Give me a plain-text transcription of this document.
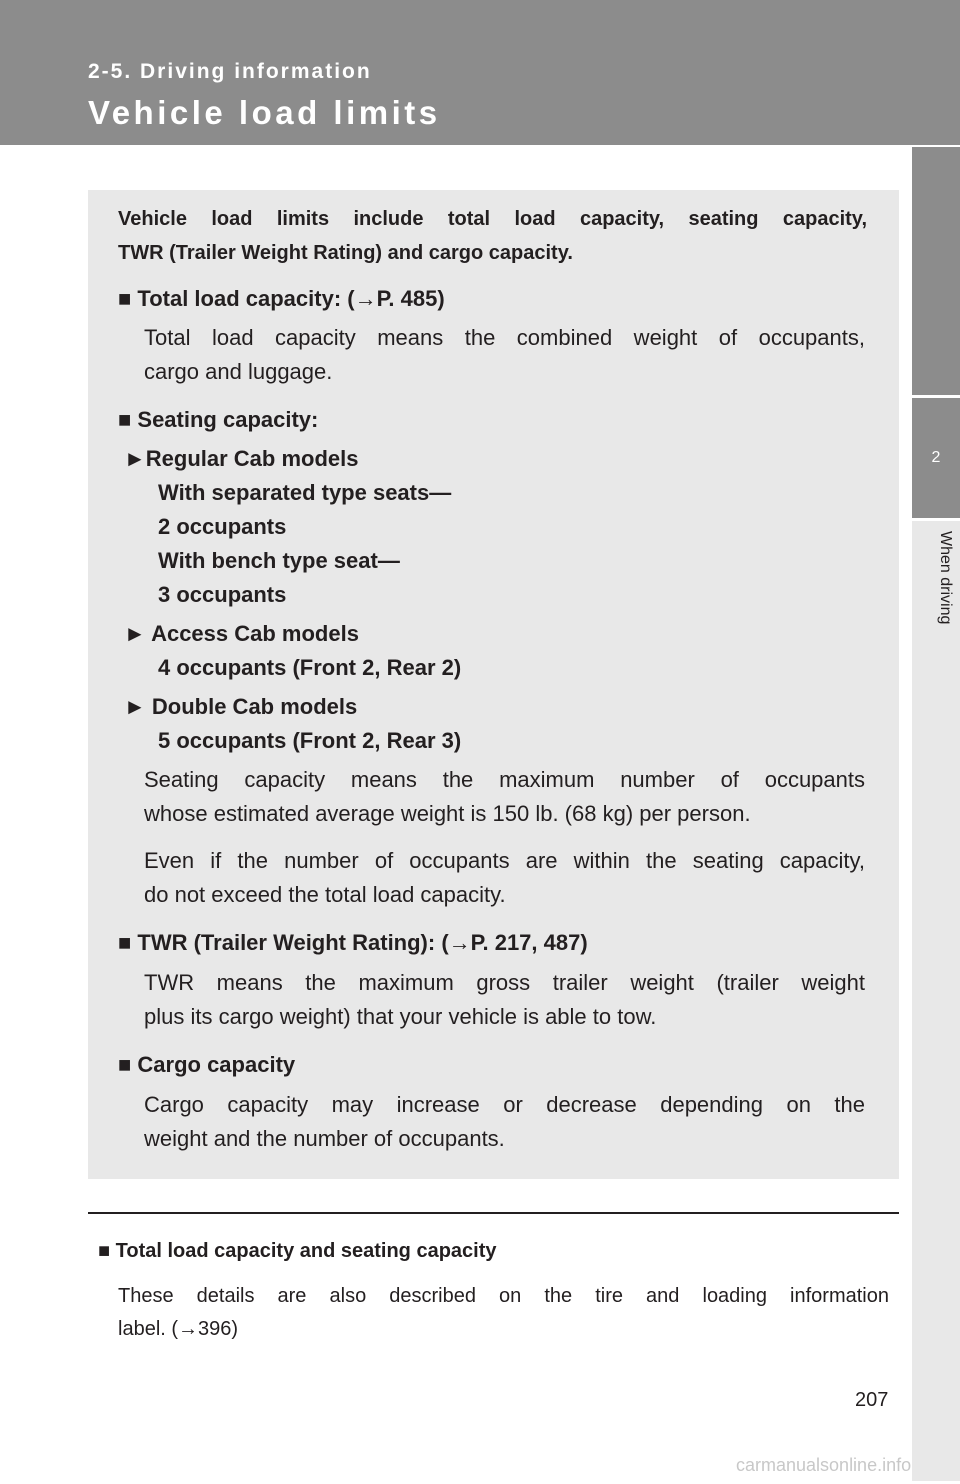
2-5. Driving information
Vehicle load limits
2
When driving
Vehicle load limits include total load capacity, seating capacity,
TWR (Trailer Weight Rating) and cargo capacity.
■ Total load capacity: (→P. 485)
Total load capacity means the combined weight of occupants,
cargo and luggage.
■ Seating capacity:
►Regular Cab models
With separated type seats—
2 occupants
With bench type seat—
3 occupants
► Access Cab models
4 occupants (Front 2, Rear 2)
► Double Cab models
5 occupants (Front 2, Rear 3)
Seating capacity means the maximum number of occupants
whose estimated average weight is 150 lb. (68 kg) per person.
Even if the number of occupants are within the seating capacity,
do not exceed the total load capacity.
■ TWR (Trailer Weight Rating): (→P. 217, 487)
TWR means the maximum gross trailer weight (trailer weight
plus its cargo weight) that your vehicle is able to tow.
■ Cargo capacity
Cargo capacity may increase or decrease depending on the
weight and the number of occupants.
■ Total load capacity and seating capacity
These details are also described on the tire and loading information
label. (→396)
207
carmanualsonline.info
